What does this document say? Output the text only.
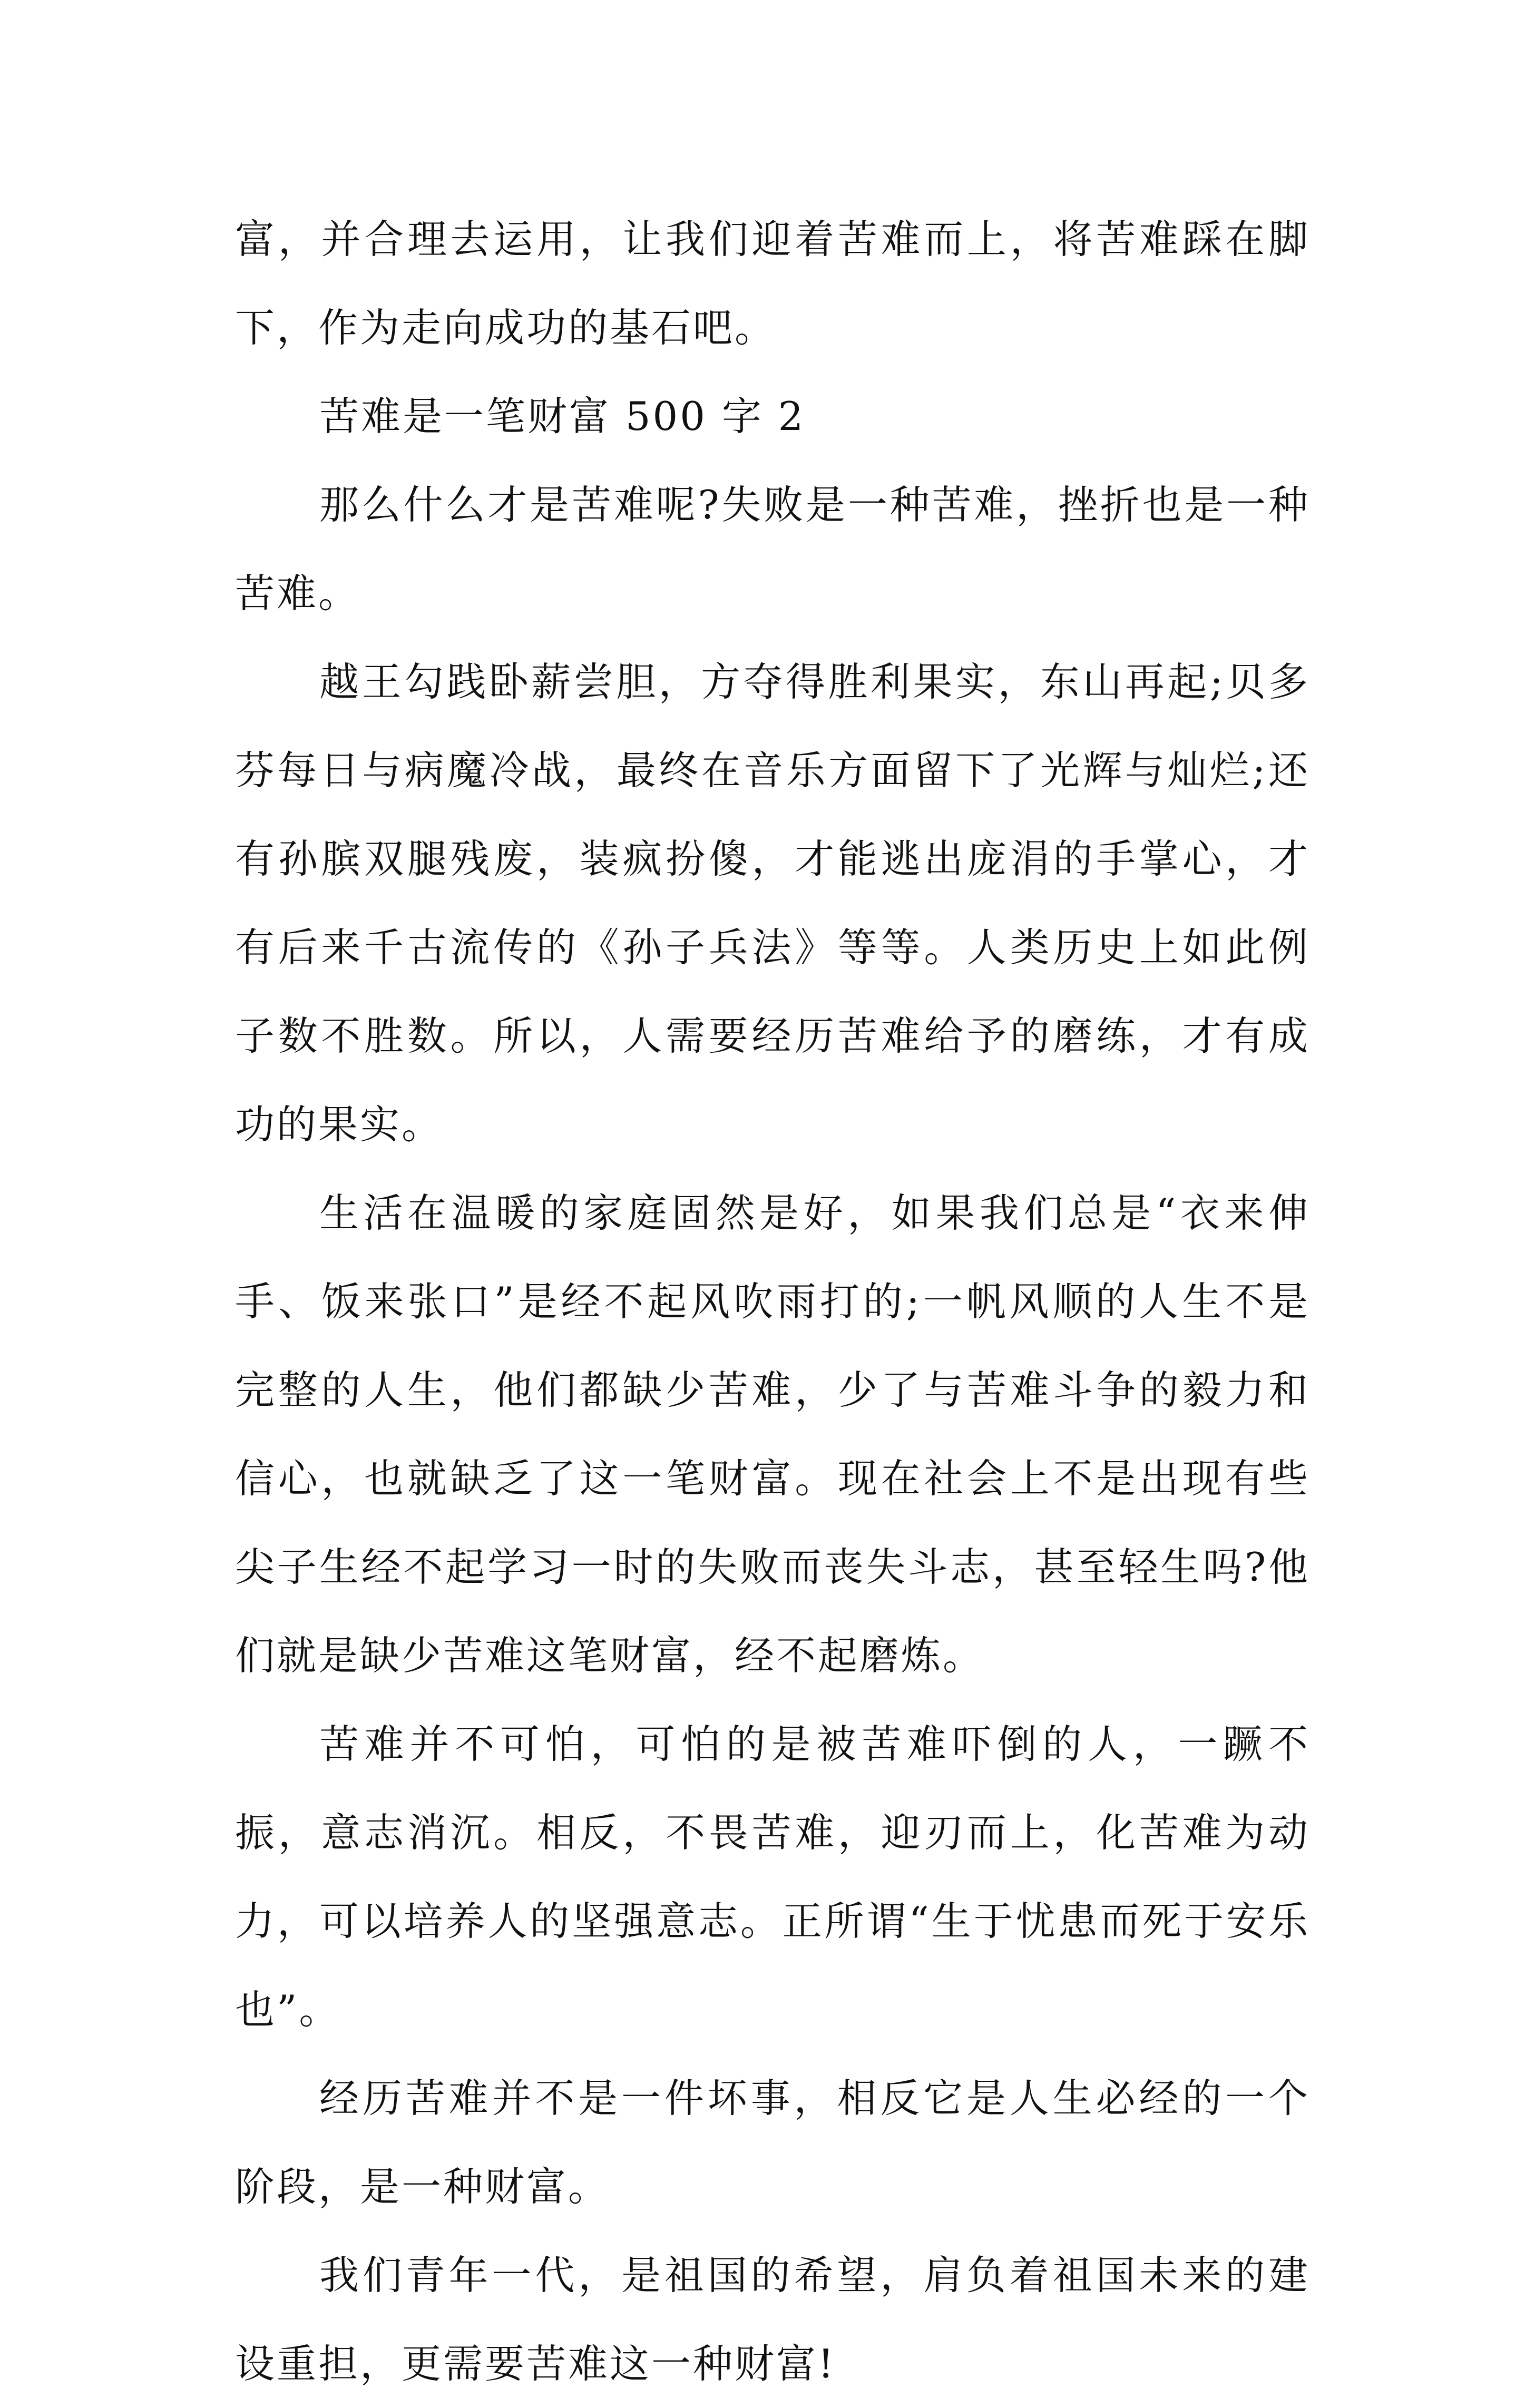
富，并合理去运用，让我们迎着苦难而上，将苦难踩在脚下，作为走向成功的基石吧。

苦难是一笔财富 500 字 2

那么什么才是苦难呢?失败是一种苦难，挫折也是一种苦难。

越王勾践卧薪尝胆，方夺得胜利果实，东山再起;贝多芬每日与病魔冷战，最终在音乐方面留下了光辉与灿烂;还有孙膑双腿残废，装疯扮傻，才能逃出庞涓的手掌心，才有后来千古流传的《孙子兵法》等等。人类历史上如此例子数不胜数。所以，人需要经历苦难给予的磨练，才有成功的果实。

生活在温暖的家庭固然是好，如果我们总是“衣来伸手、饭来张口”是经不起风吹雨打的;一帆风顺的人生不是完整的人生，他们都缺少苦难，少了与苦难斗争的毅力和信心，也就缺乏了这一笔财富。现在社会上不是出现有些尖子生经不起学习一时的失败而丧失斗志，甚至轻生吗?他们就是缺少苦难这笔财富，经不起磨炼。

苦难并不可怕，可怕的是被苦难吓倒的人，一蹶不振，意志消沉。相反，不畏苦难，迎刃而上，化苦难为动力，可以培养人的坚强意志。正所谓“生于忧患而死于安乐也”。

经历苦难并不是一件坏事，相反它是人生必经的一个阶段，是一种财富。

我们青年一代，是祖国的希望，肩负着祖国未来的建设重担，更需要苦难这一种财富!
